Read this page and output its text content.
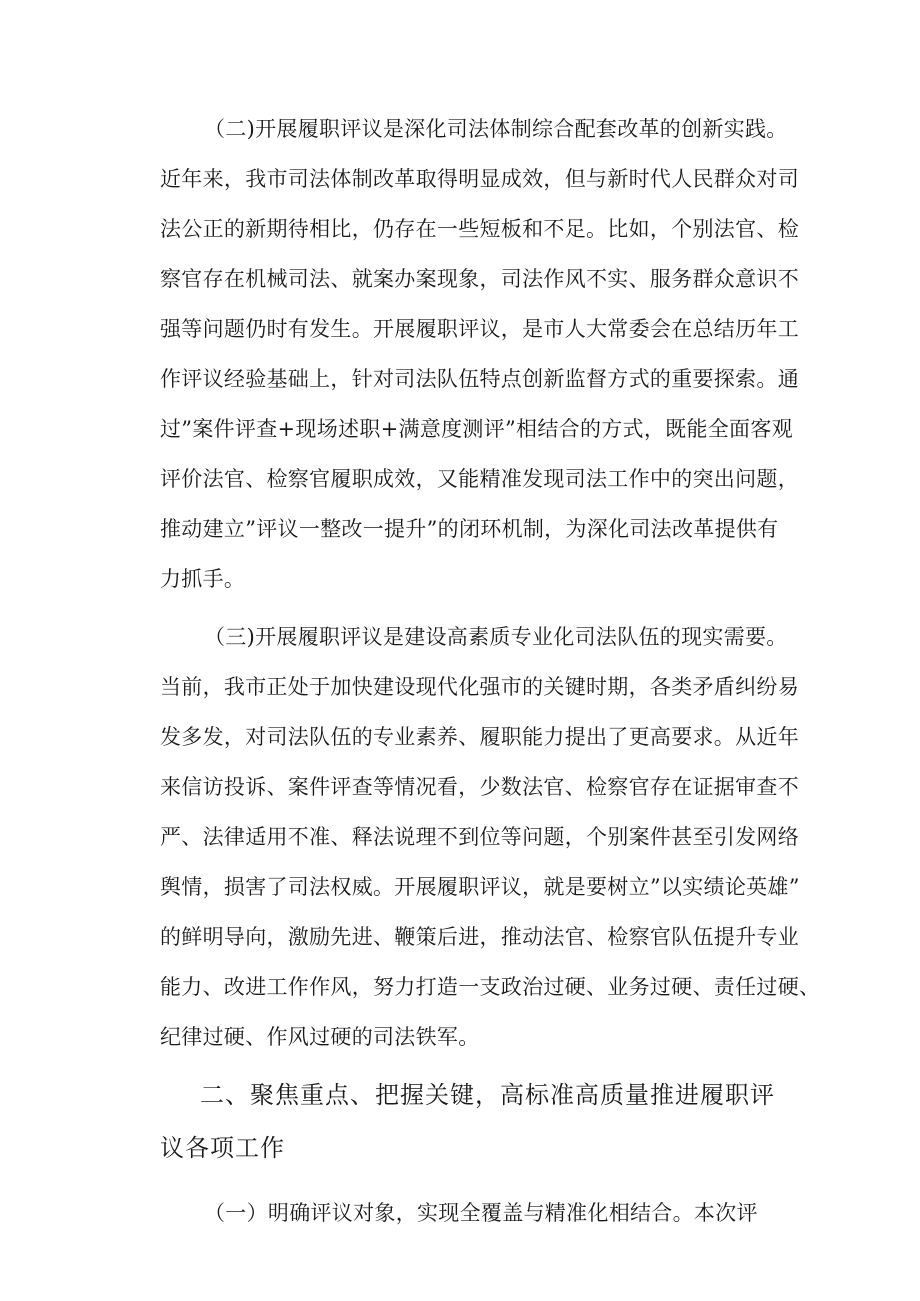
（二)开展履职评议是深化司法体制综合配套改革的创新实践。
近年来，我市司法体制改革取得明显成效，但与新时代人民群众对司
法公正的新期待相比，仍存在一些短板和不足。比如，个别法官、检
察官存在机械司法、就案办案现象，司法作风不实、服务群众意识不
强等问题仍时有发生。开展履职评议，是市人大常委会在总结历年工
作评议经验基础上，针对司法队伍特点创新监督方式的重要探索。通
过”案件评查+现场述职+满意度测评”相结合的方式，既能全面客观
评价法官、检察官履职成效，又能精准发现司法工作中的突出问题，
推动建立”评议一整改一提升”的闭环机制，为深化司法改革提供有
力抓手。
（三)开展履职评议是建设高素质专业化司法队伍的现实需要。
当前，我市正处于加快建设现代化强市的关键时期，各类矛盾纠纷易
发多发，对司法队伍的专业素养、履职能力提出了更高要求。从近年
来信访投诉、案件评查等情况看，少数法官、检察官存在证据审查不
严、法律适用不准、释法说理不到位等问题，个别案件甚至引发网络
舆情，损害了司法权威。开展履职评议，就是要树立”以实绩论英雄”
的鲜明导向，激励先进、鞭策后进，推动法官、检察官队伍提升专业
能力、改进工作作风，努力打造一支政治过硬、业务过硬、责任过硬、
纪律过硬、作风过硬的司法铁军。
二、聚焦重点、把握关键，高标准高质量推进履职评
议各项工作
（一）明确评议对象，实现全覆盖与精准化相结合。本次评
